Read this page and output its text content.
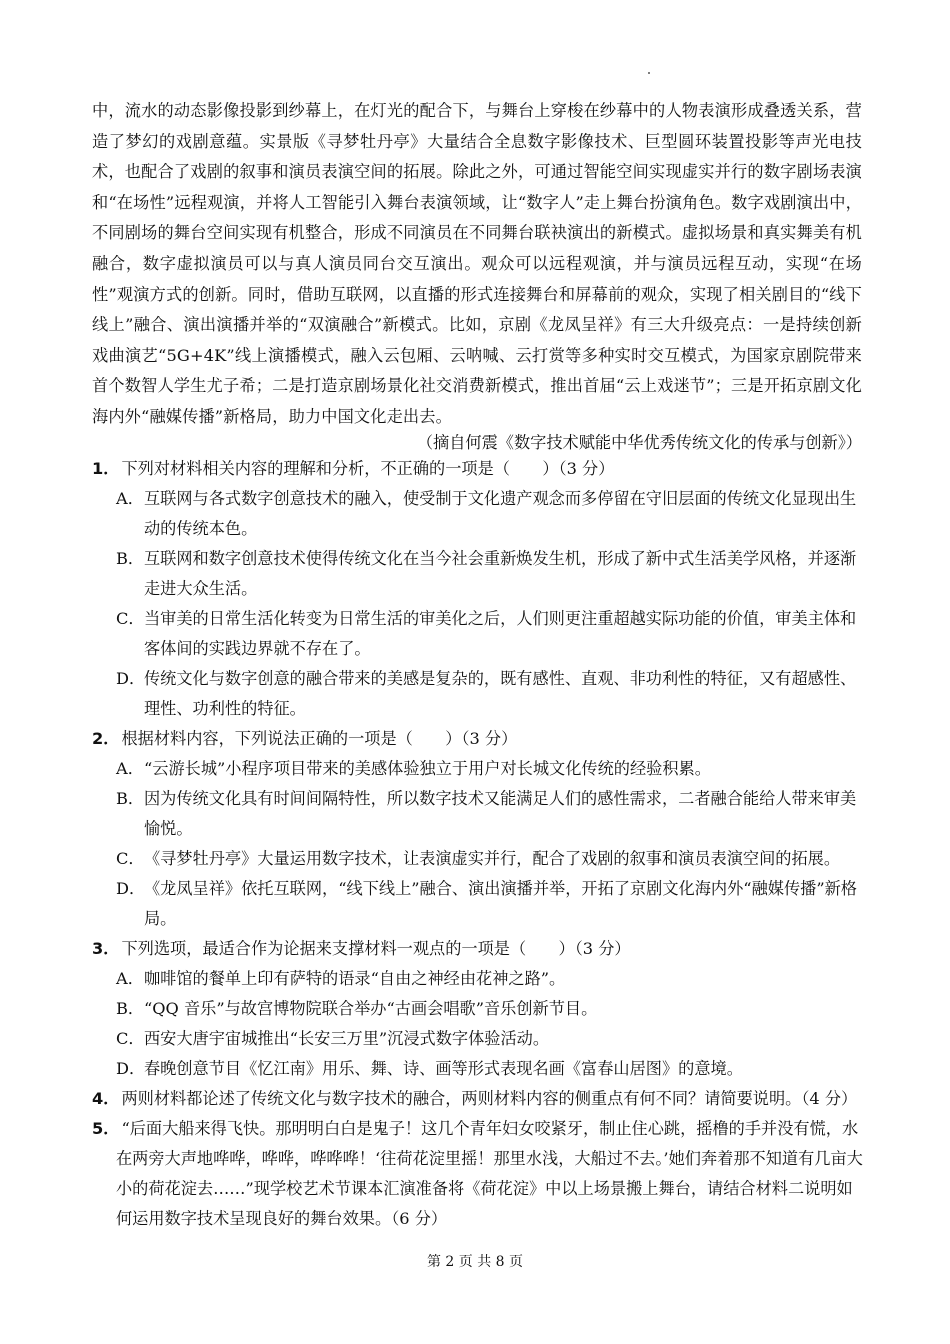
中，流水的动态影像投影到纱幕上，在灯光的配合下，与舞台上穿梭在纱幕中的人物表演形成叠透关系，营造了梦幻的戏剧意蕴。实景版《寻梦牡丹亭》大量结合全息数字影像技术、巨型圆环装置投影等声光电技术，也配合了戏剧的叙事和演员表演空间的拓展。除此之外，可通过智能空间实现虚实并行的数字剧场表演和“在场性”远程观演，并将人工智能引入舞台表演领域，让“数字人”走上舞台扮演角色。数字戏剧演出中，不同剧场的舞台空间实现有机整合，形成不同演员在不同舞台联袂演出的新模式。虚拟场景和真实舞美有机融合，数字虚拟演员可以与真人演员同台交互演出。观众可以远程观演，并与演员远程互动，实现“在场性”观演方式的创新。同时，借助互联网，以直播的形式连接舞台和屏幕前的观众，实现了相关剧目的“线下线上”融合、演出演播并举的“双演融合”新模式。比如，京剧《龙凤呈祥》有三大升级亮点：一是持续创新戏曲演艺“5G+4K”线上演播模式，融入云包厢、云呐喊、云打赏等多种实时交互模式，为国家京剧院带来首个数智人学生尤子希；二是打造京剧场景化社交消费新模式，推出首届“云上戏迷节”；三是开拓京剧文化海内外“融媒传播”新格局，助力中国文化走出去。

（摘自何震《数字技术赋能中华优秀传统文化的传承与创新》）

1． 下列对材料相关内容的理解和分析，不正确的一项是（　　）（3 分）

A．互联网与各式数字创意技术的融入，使受制于文化遗产观念而多停留在守旧层面的传统文化显现出生动的传统本色。

B．互联网和数字创意技术使得传统文化在当今社会重新焕发生机，形成了新中式生活美学风格，并逐渐走进大众生活。

C．当审美的日常生活化转变为日常生活的审美化之后，人们则更注重超越实际功能的价值，审美主体和客体间的实践边界就不存在了。

D．传统文化与数字创意的融合带来的美感是复杂的，既有感性、直观、非功利性的特征，又有超感性、理性、功利性的特征。

2． 根据材料内容，下列说法正确的一项是（　　）（3 分）

A．“云游长城”小程序项目带来的美感体验独立于用户对长城文化传统的经验积累。

B．因为传统文化具有时间间隔特性，所以数字技术又能满足人们的感性需求，二者融合能给人带来审美愉悦。

C．《寻梦牡丹亭》大量运用数字技术，让表演虚实并行，配合了戏剧的叙事和演员表演空间的拓展。

D．《龙凤呈祥》依托互联网，“线下线上”融合、演出演播并举，开拓了京剧文化海内外“融媒传播”新格局。

3． 下列选项，最适合作为论据来支撑材料一观点的一项是（　　）（3 分）

A．咖啡馆的餐单上印有萨特的语录“自由之神经由花神之路”。

B．“QQ 音乐”与故宫博物院联合举办“古画会唱歌”音乐创新节目。

C．西安大唐宇宙城推出“长安三万里”沉浸式数字体验活动。

D．春晚创意节目《忆江南》用乐、舞、诗、画等形式表现名画《富春山居图》的意境。

4． 两则材料都论述了传统文化与数字技术的融合，两则材料内容的侧重点有何不同？请简要说明。（4 分）

5． “后面大船来得飞快。那明明白白是鬼子！这几个青年妇女咬紧牙，制止住心跳，摇橹的手并没有慌，水在两旁大声地哗哗，哗哗，哗哗哗！‘往荷花淀里摇！那里水浅，大船过不去。’她们奔着那不知道有几亩大小的荷花淀去……”现学校艺术节课本汇演准备将《荷花淀》中以上场景搬上舞台，请结合材料二说明如何运用数字技术呈现良好的舞台效果。（6 分）

第 2 页 共 8 页
